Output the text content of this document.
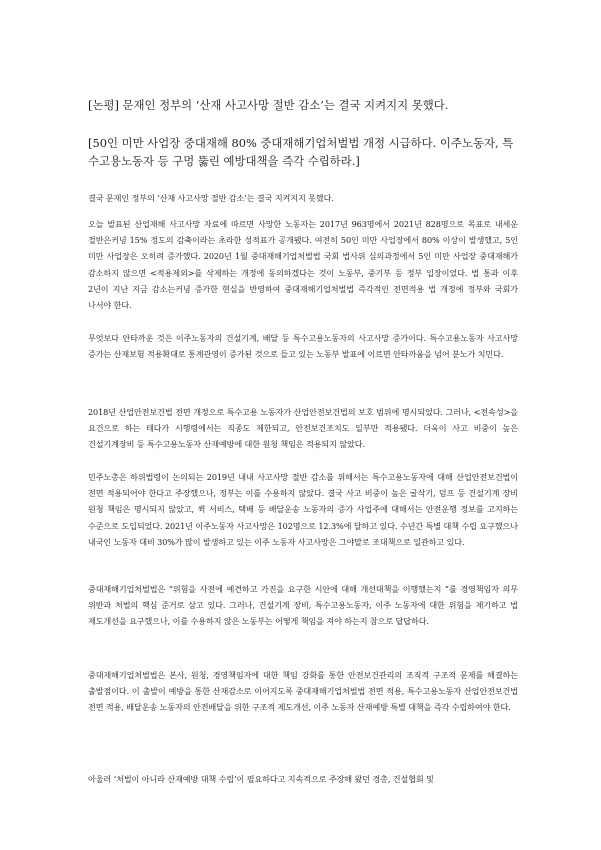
[논평] 문재인 정부의 ‘산재 사고사망 절반 감소’는 결국 지켜지지 못했다.
[50인 미만 사업장 중대재해 80% 중대재해기업처벌법 개정 시급하다. 이주노동자, 특수고용노동자 등 구멍 뚫린 예방대책을 즉각 수립하라.]
결국 문재인 정부의 ‘산재 사고사망 절반 감소’는 결국 지켜지지 못했다.
오늘 발표된 산업재해 사고사망 자료에 따르면 사망한 노동자는 2017년 963명에서 2021년 828명으로 목표로 내세운 절반은커녕 15% 정도의 감축이라는 초라한 성적표가 공개됐다. 여전히 50인 미만 사업장에서 80% 이상이 발생했고, 5인 미만 사업장은 오히려 증가했다. 2020년 1월 중대재해기업처벌법 국회 법사위 심의과정에서 5인 미만 사업장 중대재해가 감소하지 않으면 <적용제외>를 삭제하는 개정에 동의하겠다는 것이 노동부, 중기부 등 정부 입장이었다. 법 통과 이후 2년이 지난 지금 감소는커녕 증가한 현실을 반영하여 중대재해기업처벌법 즉각적인 전면적용 법 개정에 정부와 국회가 나서야 한다.
무엇보다 안타까운 것은 이주노동자의 건설기계, 배달 등 특수고용노동자의 사고사망 증가이다. 특수고용노동자 사고사망 증가는 산재보험 적용확대로 통계관영이 증가된 것으로 들고 있는 노동부 발표에 이르면 안타까움을 넘어 분노가 치민다.
2018년 산업안전보건법 전면 개정으로 특수고용 노동자가 산업안전보건법의 보호 범위에 명시되었다. 그러나, <전속성>을 요건으로 하는 테다가 시행령에서는 직종도 제한되고, 안전보건조치도 일부만 적용됐다. 더욱이 사고 비중이 높은 건설기계장비 등 특수고용노동자 산재예방에 대한 원청 책임은 적용되지 않았다.
민주노총은 하위법령이 논의되는 2019년 내내 사고사망 절반 감소를 위해서는 특수고용노동자에 대해 산업안전보건법이 전면 적용되어야 한다고 주장했으나, 정부는 이를 수용하지 않았다. 결국 사고 비중이 높은 굴삭기, 덤프 등 건설기계 장비 원청 책임은 명시되지 않았고, 퀵 서비스, 택배 등 배달운송 노동자의 증가 사업주에 대해서는 안전운행 정보를 고지하는 수준으로 도입되었다. 2021년 이주노동자 사고사망은 102명으로 12.3%에 달하고 있다. 수년간 특별 대책 수립 요구했으나 내국인 노동자 대비 30%가 많이 발생하고 있는 이주 노동자 사고사망은 그야말로 조대책으로 일관하고 있다.
중대재해기업처벌법은 “위험을 사전에 예견하고 가진을 요구한 시안에 대해 개선대책을 이행했는지 ”를 경영책임자 의무 위반과 처벌의 핵심 준거로 삼고 있다. 그러나, 건설기계 장비, 특수고용노동자, 이주 노동자에 대한 위험을 제기하고 법 제도개선을 요구했으나, 이를 수용하지 않은 노동부는 어떻게 책임을 져야 하는지 참으로 답답하다.
중대재해기업처벌법은 본사, 원청, 경영책임자에 대한 책임 강화를 통한 안전보건관리의 조직적 구조적 문제를 해결하는 출발점이다. 이 출발이 예방을 통한 산재감소로 이어지도록 중대재해기업처벌법 전면 적용, 특수고용노동자 산업안전보건법 전면 적용, 배달운송 노동자의 안전배달을 위한 구조적 제도개선, 이주 노동자 산재예방 특별 대책을 즉각 수립하여야 한다.
아울러 ‘처벌이 아니라 산재예방 대책 수립’이 필요하다고 지속적으로 주장해 왔던 경총, 건설협회 및
